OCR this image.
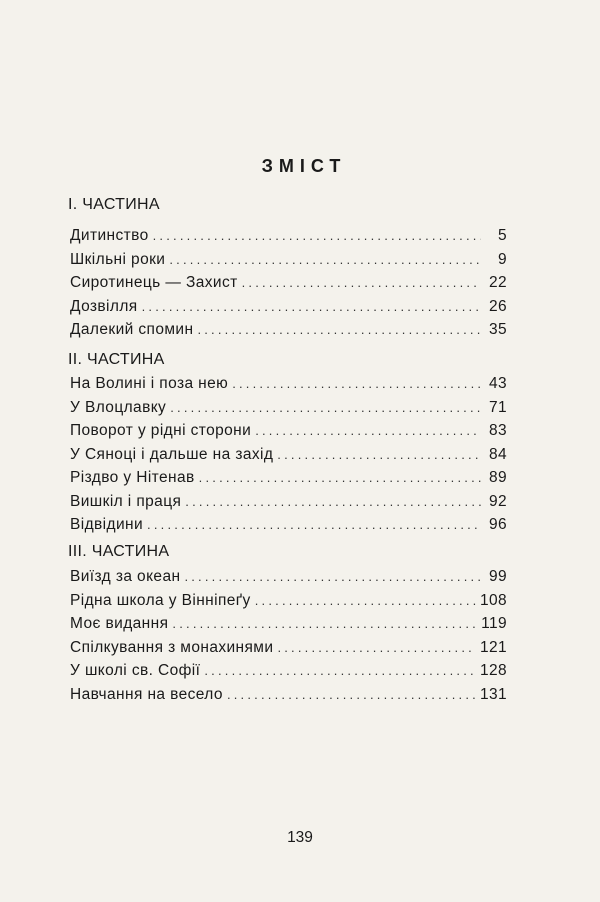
ЗМІСТ
І. ЧАСТИНА
Дитинство .....	5
Шкільні роки .....	9
Сиротинець — Захист .....	22
Дозвілля .....	26
Далекий спомин .....	35
ІІ. ЧАСТИНА
На Волині і поза нею .....	43
У Влоцлавку .....	71
Поворот у рідні сторони .....	83
У Сяноці і дальше на захід .....	84
Різдво у Нітенав .....	89
Вишкіл і праця .....	92
Відвідини .....	96
ІІІ. ЧАСТИНА
Виїзд за океан .....	99
Рідна школа у Вінніпеґу .....	108
Моє видання .....	119
Спілкування з монахинями .....	121
У школі св. Софії .....	128
Навчання на весело .....	131
139
